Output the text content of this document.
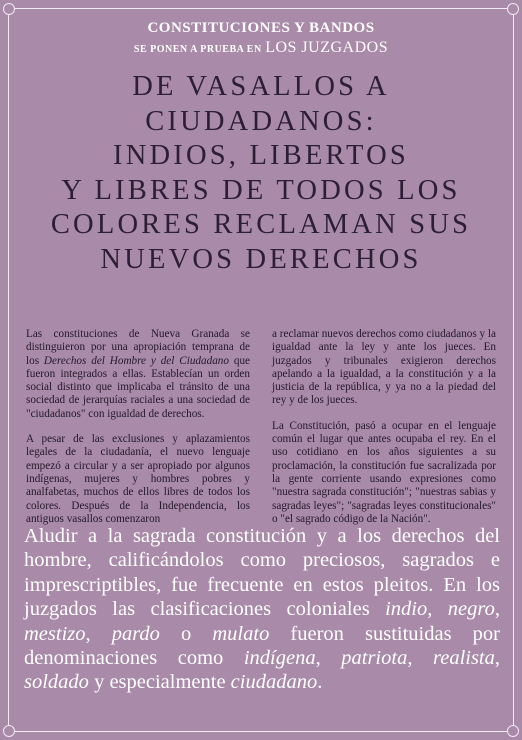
CONSTITUCIONES Y BANDOS
SE PONEN A PRUEBA EN LOS JUZGADOS
DE VASALLOS A
CIUDADANOS:
INDIOS, LIBERTOS
Y LIBRES DE TODOS LOS
COLORES RECLAMAN SUS
NUEVOS DERECHOS

Las constituciones de Nueva Granada se distinguieron por una apropiación temprana de los Derechos del Hombre y del Ciudadano que fueron integrados a ellas. Establecían un orden social distinto que implicaba el tránsito de una sociedad de jerarquías raciales a una sociedad de "ciudadanos" con igualdad de derechos.

A pesar de las exclusiones y aplazamientos legales de la ciudadanía, el nuevo lenguaje empezó a circular y a ser apropiado por algunos indígenas, mujeres y hombres pobres y analfabetas, muchos de ellos libres de todos los colores. Después de la Independencia, los antiguos vasallos comenzaron

a reclamar nuevos derechos como ciudadanos y la igualdad ante la ley y ante los jueces. En juzgados y tribunales exigieron derechos apelando a la igualdad, a la constitución y a la justicia de la república, y ya no a la piedad del rey y de los jueces.

La Constitución, pasó a ocupar en el lenguaje común el lugar que antes ocupaba el rey. En el uso cotidiano en los años siguientes a su proclamación, la constitución fue sacralizada por la gente corriente usando expresiones como "nuestra sagrada constitución"; "nuestras sabias y sagradas leyes"; "sagradas leyes constitucionales" o "el sagrado código de la Nación".

Aludir a la sagrada constitución y a los derechos del hombre, calificándolos como preciosos, sagrados e imprescriptibles, fue frecuente en estos pleitos. En los juzgados las clasificaciones coloniales indio, negro, mestizo, pardo o mulato fueron sustituidas por denominaciones como indígena, patriota, realista, soldado y especialmente ciudadano.
